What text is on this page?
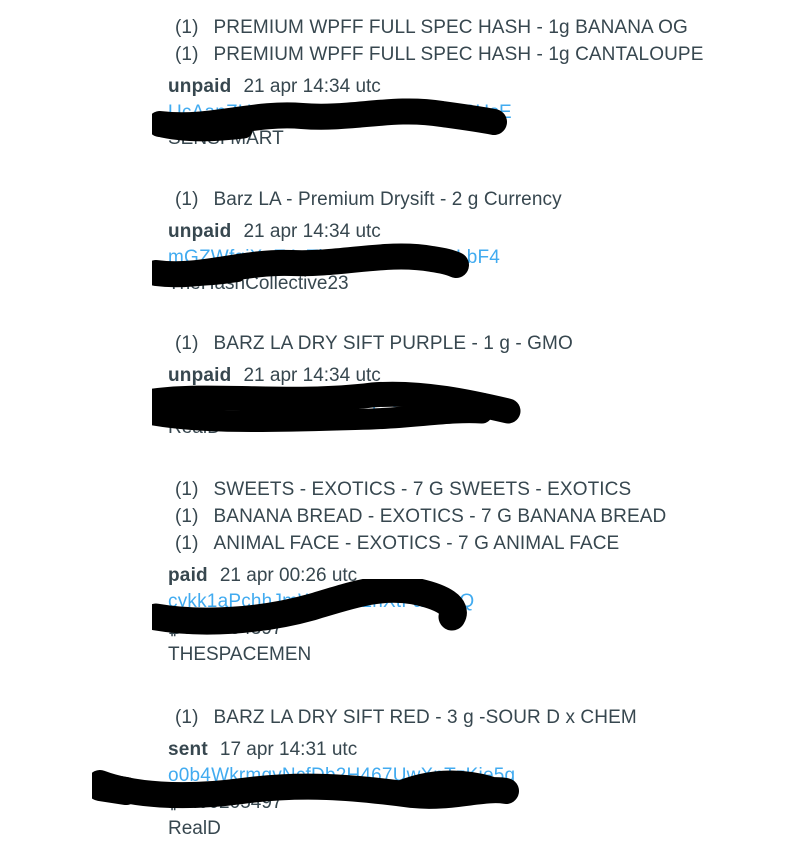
(1) PREMIUM WPFF FULL SPEC HASH - 1g BANANA OG
(1) PREMIUM WPFF FULL SPEC HASH - 1g CANTALOUPE
unpaid 21 apr 14:34 utc
UcAanZUcigXw3nKqTd8vRLmPyc2HsE
SENSI MART
(1) Barz LA - Premium Drysift - 2 g Currency
unpaid 21 apr 14:34 utc
mGZWfqiXnE4cTkR7uYdJmPsx2LbF4
TheHashCollective23
(1) BARZ LA DRY SIFT PURPLE - 1 g - GMO
unpaid 21 apr 14:34 utc
RcReyVb8tKnQzW4mXjP6uBTzdLCfa
RealD
(1) SWEETS - EXOTICS - 7 G SWEETS - EXOTICS
(1) BANANA BREAD - EXOTICS - 7 G BANANA BREAD
(1) ANIMAL FACE - EXOTICS - 7 G ANIMAL FACE
paid 21 apr 00:26 utc
cykk1aPchhJmW4kR92nXtFao0CQ
₿0.00334397
THESPACEMEN
(1) BARZ LA DRY SIFT RED - 3 g -SOUR D x CHEM
sent 17 apr 14:31 utc
o0b4WkrmqvNcfDb2H467UwXpTzKje5g
₿0.00205497
RealD
